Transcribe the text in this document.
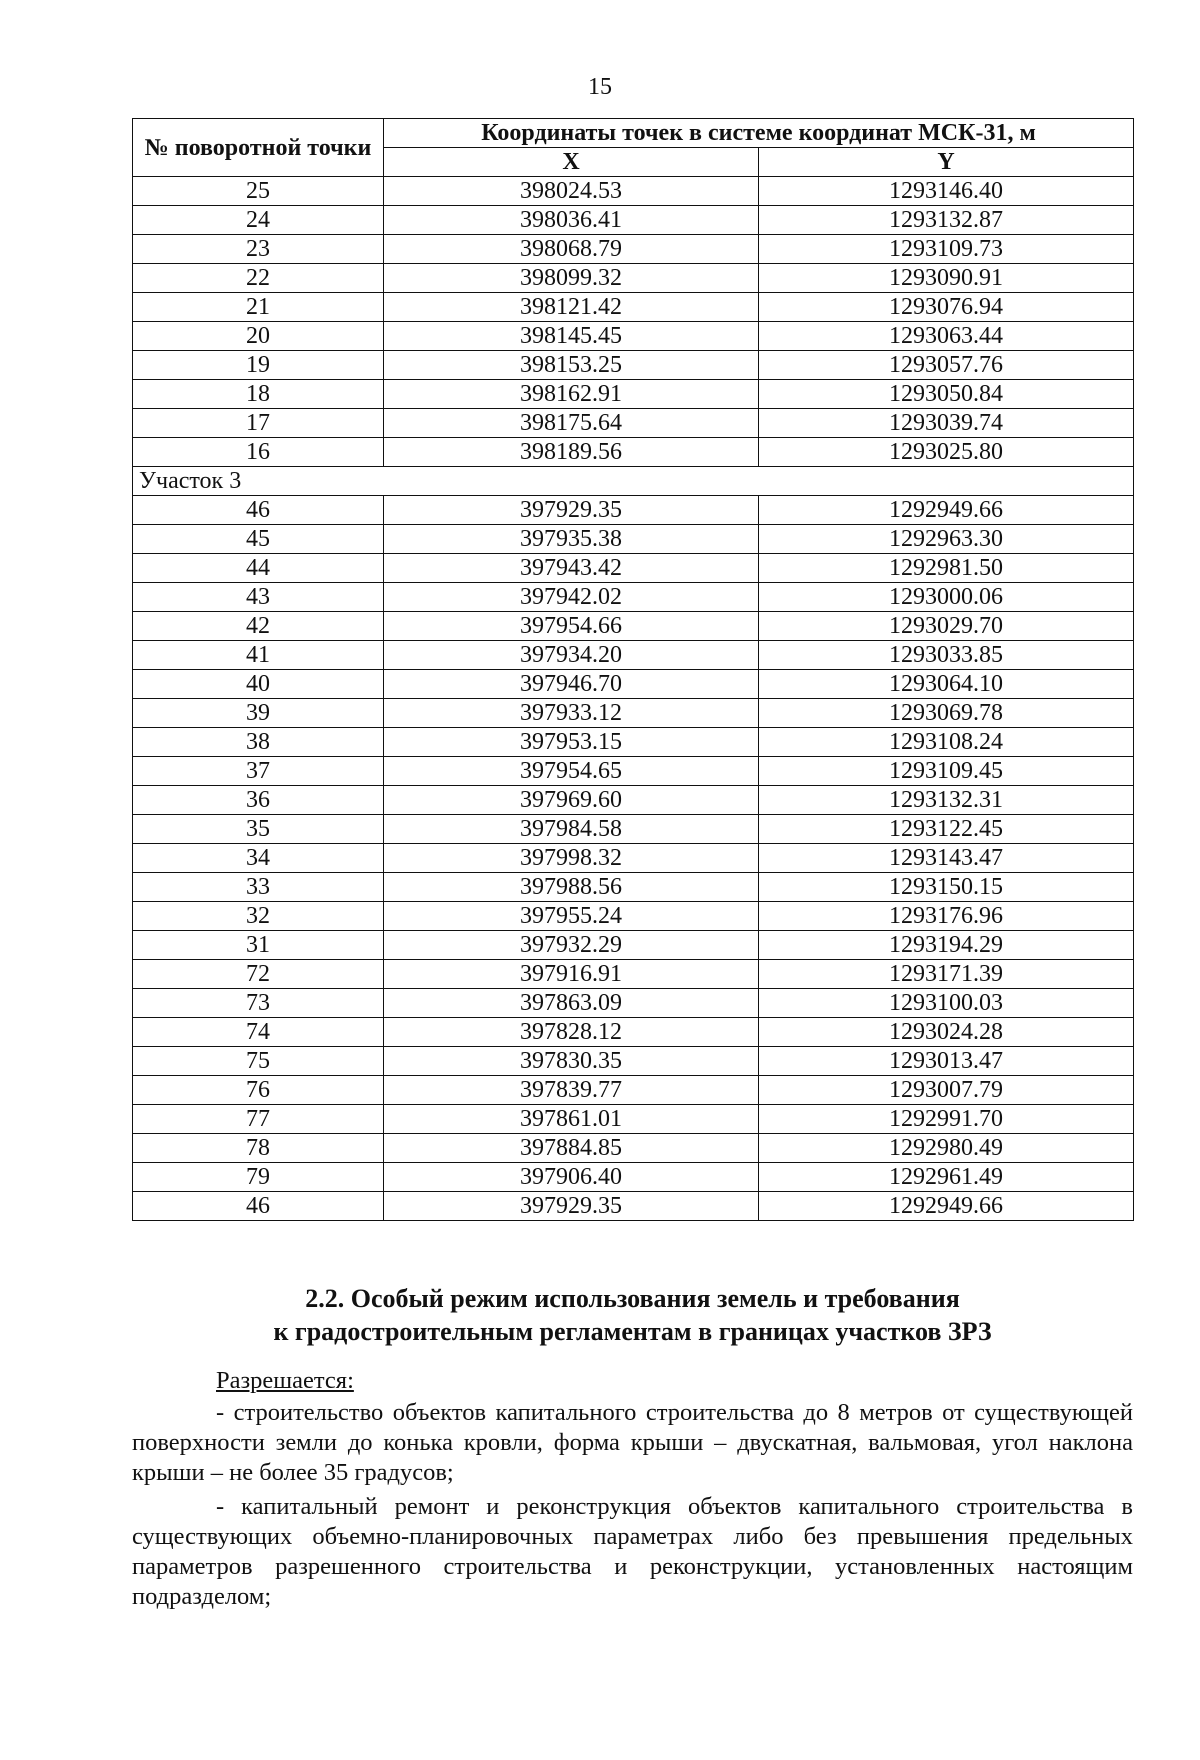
15
№ поворотной точки	Координаты точек в системе координат МСК-31, м	
	X	Y
25	398024.53	1293146.40
24	398036.41	1293132.87
23	398068.79	1293109.73
22	398099.32	1293090.91
21	398121.42	1293076.94
20	398145.45	1293063.44
19	398153.25	1293057.76
18	398162.91	1293050.84
17	398175.64	1293039.74
16	398189.56	1293025.80
Участок 3		
46	397929.35	1292949.66
45	397935.38	1292963.30
44	397943.42	1292981.50
43	397942.02	1293000.06
42	397954.66	1293029.70
41	397934.20	1293033.85
40	397946.70	1293064.10
39	397933.12	1293069.78
38	397953.15	1293108.24
37	397954.65	1293109.45
36	397969.60	1293132.31
35	397984.58	1293122.45
34	397998.32	1293143.47
33	397988.56	1293150.15
32	397955.24	1293176.96
31	397932.29	1293194.29
72	397916.91	1293171.39
73	397863.09	1293100.03
74	397828.12	1293024.28
75	397830.35	1293013.47
76	397839.77	1293007.79
77	397861.01	1292991.70
78	397884.85	1292980.49
79	397906.40	1292961.49
46	397929.35	1292949.66
2.2. Особый режим использования земель и требования
к градостроительным регламентам в границах участков ЗРЗ
Разрешается:

- строительство объектов капитального строительства до 8 метров от существующей поверхности земли до конька кровли, форма крыши – двускатная, вальмовая, угол наклона крыши – не более 35 градусов;

- капитальный ремонт и реконструкция объектов капитального строительства в существующих объемно-планировочных параметрах либо без превышения предельных параметров разрешенного строительства и реконструкции, установленных настоящим подразделом;
